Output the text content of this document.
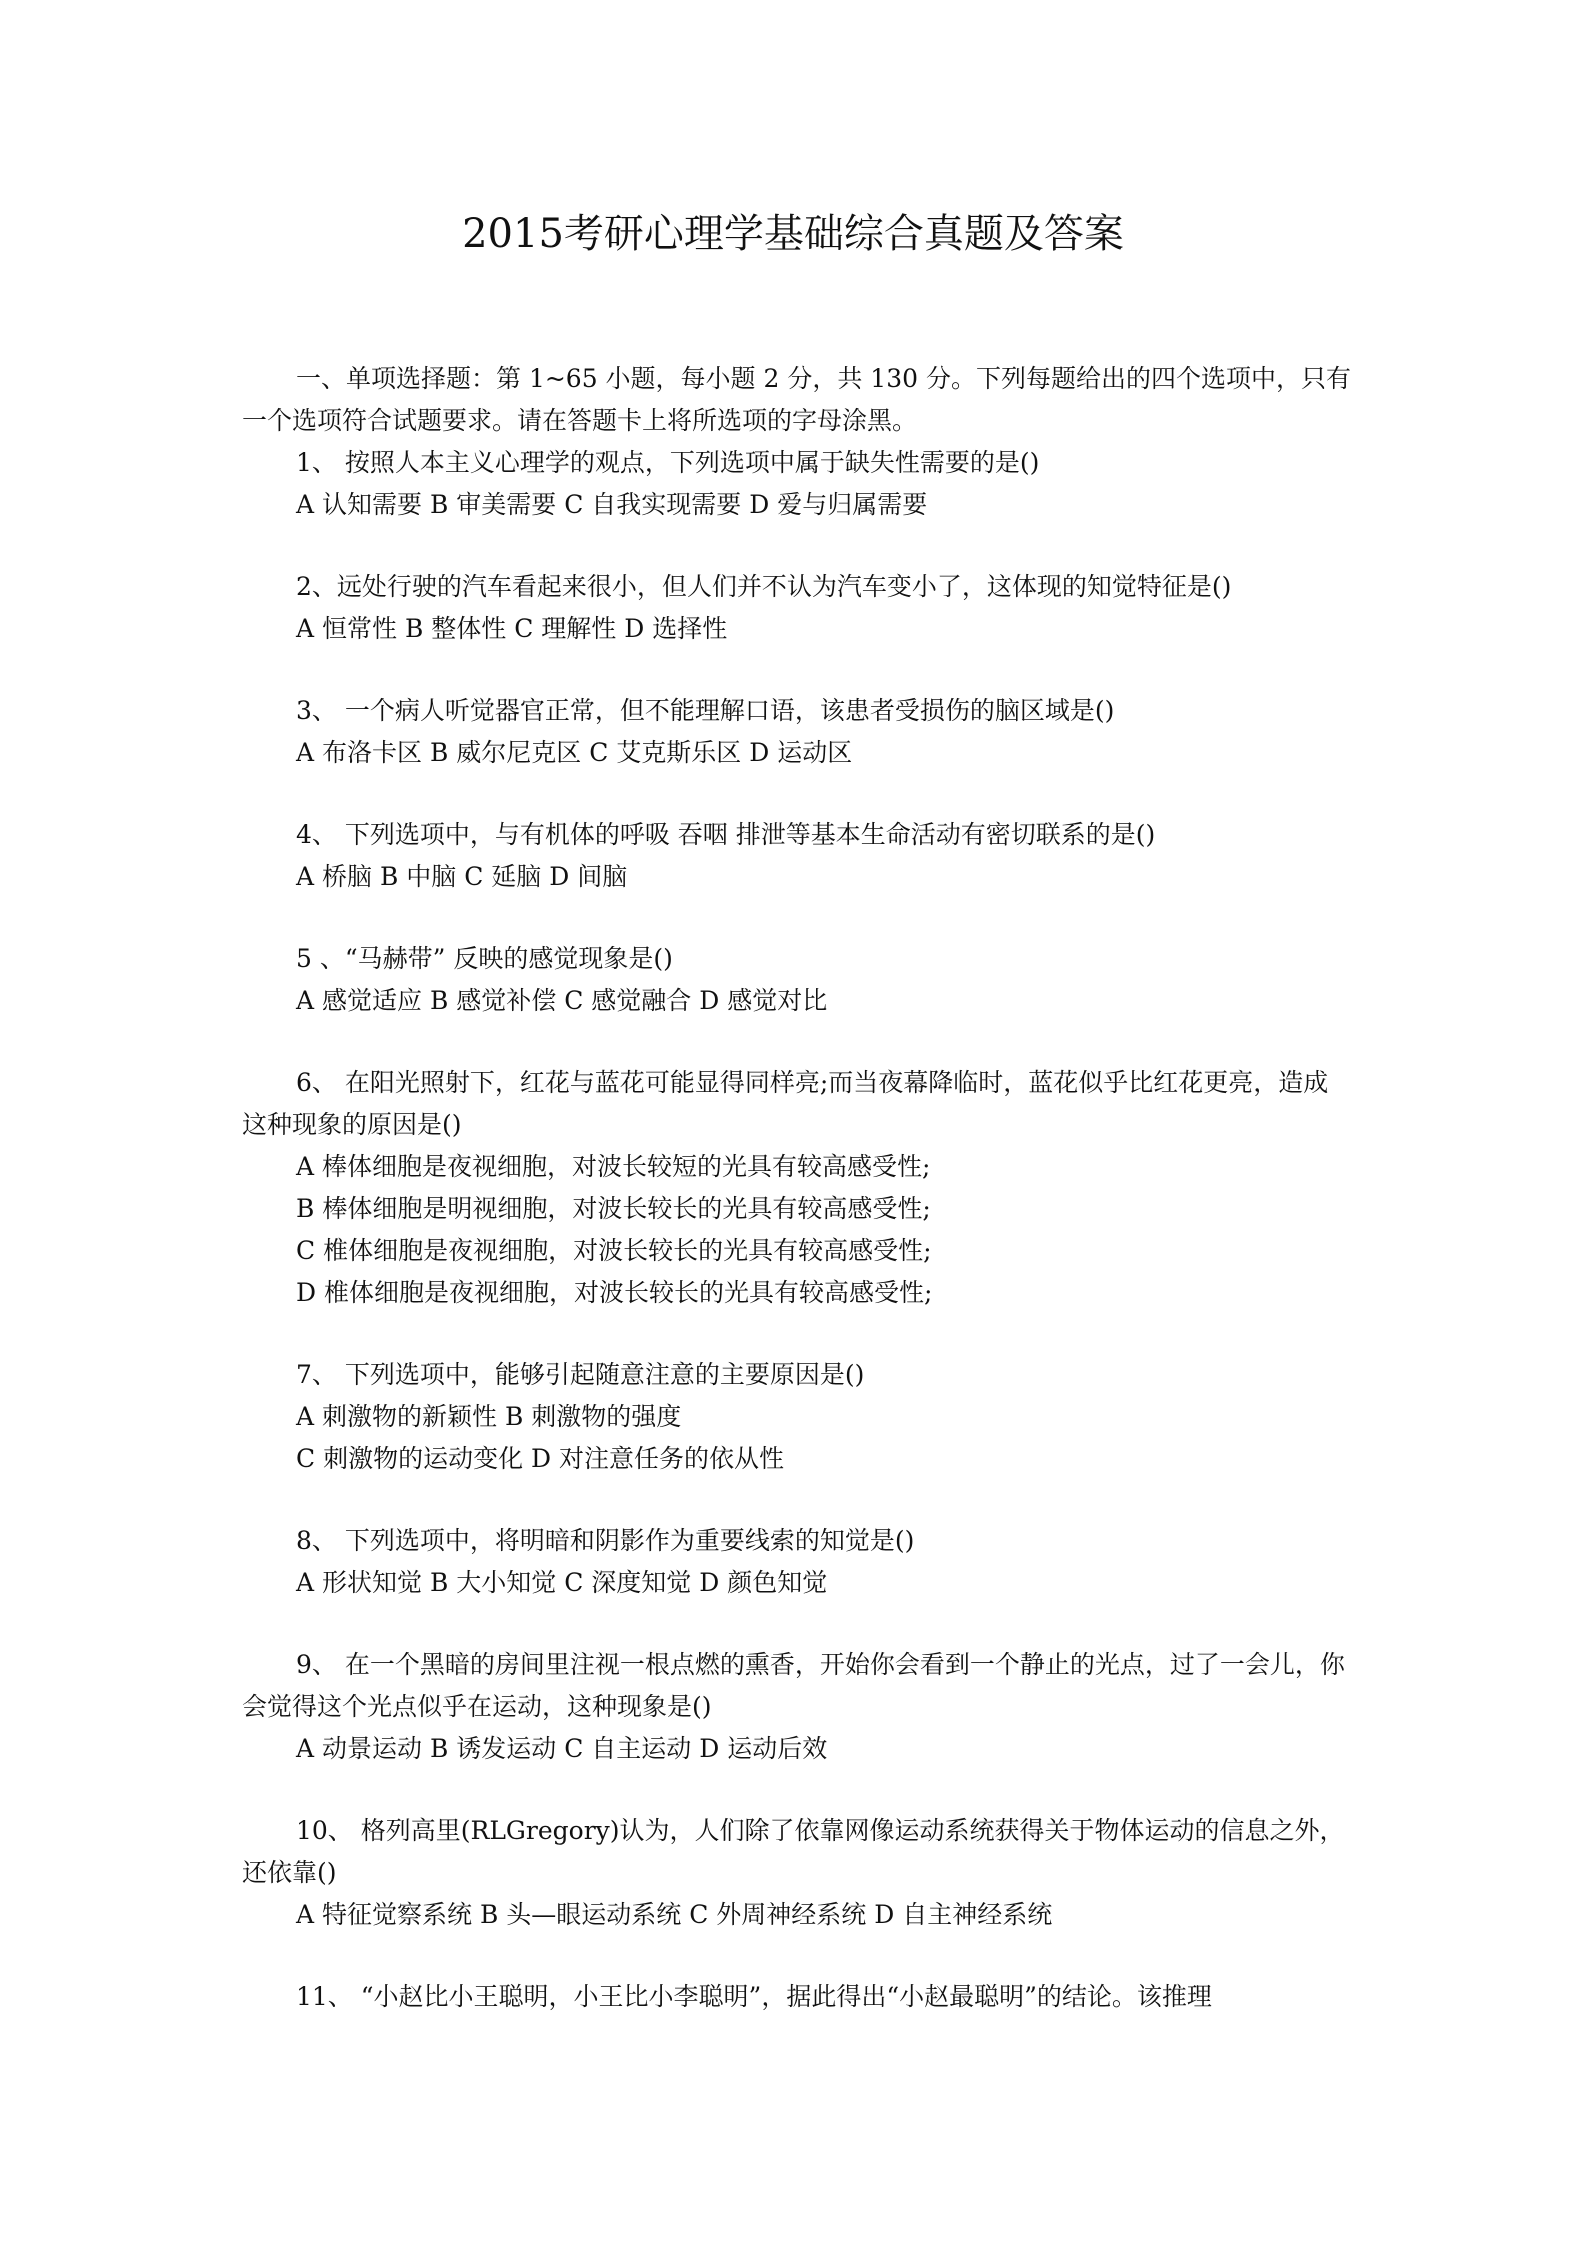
2015考研心理学基础综合真题及答案

一、单项选择题：第 1~65 小题，每小题 2 分，共 130 分。下列每题给出的四个选项中，只有一个选项符合试题要求。请在答题卡上将所选项的字母涂黑。

1、 按照人本主义心理学的观点，下列选项中属于缺失性需要的是()

A 认知需要 B 审美需要 C 自我实现需要 D 爱与归属需要

2、远处行驶的汽车看起来很小，但人们并不认为汽车变小了，这体现的知觉特征是()

A 恒常性 B 整体性 C 理解性 D 选择性

3、 一个病人听觉器官正常，但不能理解口语，该患者受损伤的脑区域是()

A 布洛卡区 B 威尔尼克区 C 艾克斯乐区 D 运动区

4、 下列选项中，与有机体的呼吸 吞咽 排泄等基本生命活动有密切联系的是()

A 桥脑 B 中脑 C 延脑 D 间脑

5 、“马赫带” 反映的感觉现象是()

A 感觉适应 B 感觉补偿 C 感觉融合 D 感觉对比

6、 在阳光照射下，红花与蓝花可能显得同样亮;而当夜幕降临时，蓝花似乎比红花更亮，造成这种现象的原因是()

A 棒体细胞是夜视细胞，对波长较短的光具有较高感受性;

B 棒体细胞是明视细胞，对波长较长的光具有较高感受性;

C 椎体细胞是夜视细胞，对波长较长的光具有较高感受性;

D 椎体细胞是夜视细胞，对波长较长的光具有较高感受性;

7、 下列选项中，能够引起随意注意的主要原因是()

A 刺激物的新颖性 B 刺激物的强度

C 刺激物的运动变化 D 对注意任务的依从性

8、 下列选项中，将明暗和阴影作为重要线索的知觉是()

A 形状知觉 B 大小知觉 C 深度知觉 D 颜色知觉

9、 在一个黑暗的房间里注视一根点燃的熏香，开始你会看到一个静止的光点，过了一会儿，你会觉得这个光点似乎在运动，这种现象是()

A 动景运动 B 诱发运动 C 自主运动 D 运动后效

10、 格列高里(RLGregory)认为，人们除了依靠网像运动系统获得关于物体运动的信息之外，还依靠()

A 特征觉察系统 B 头—眼运动系统 C 外周神经系统 D 自主神经系统

11、 “小赵比小王聪明，小王比小李聪明”，据此得出“小赵最聪明”的结论。该推理
